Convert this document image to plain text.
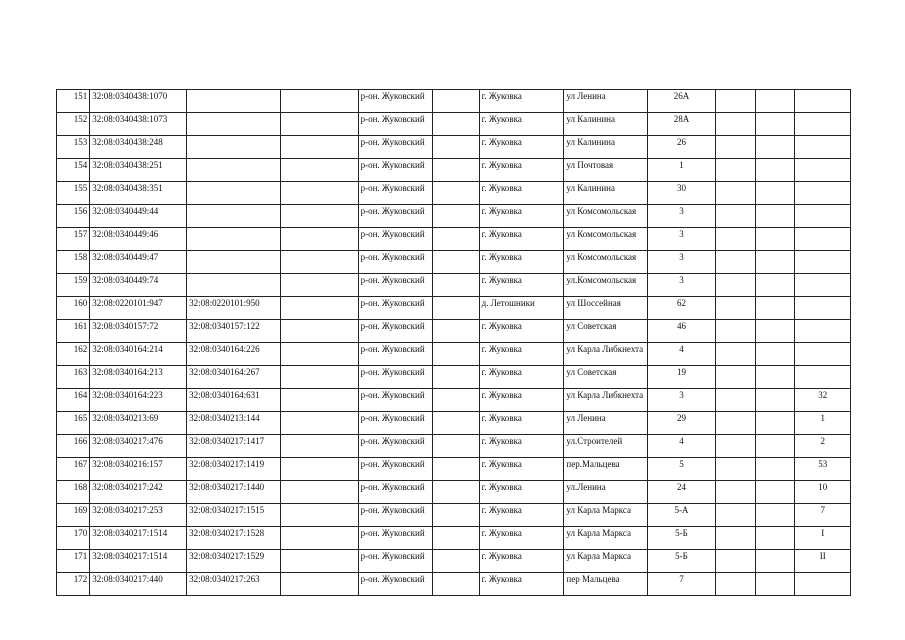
151	32:08:0340438:1070			р-он. Жуковский		г. Жуковка	ул Ленина	26А			
152	32:08:0340438:1073			р-он. Жуковский		г. Жуковка	ул Калинина	28А			
153	32:08:0340438:248			р-он. Жуковский		г. Жуковка	ул Калинина	26			
154	32:08:0340438:251			р-он. Жуковский		г. Жуковка	ул Почтовая	1			
155	32:08:0340438:351			р-он. Жуковский		г. Жуковка	ул Калинина	30			
156	32:08:0340449:44			р-он. Жуковский		г. Жуковка	ул Комсомольская	3			
157	32:08:0340449:46			р-он. Жуковский		г. Жуковка	ул Комсомольская	3			
158	32:08:0340449:47			р-он. Жуковский		г. Жуковка	ул Комсомольская	3			
159	32:08:0340449:74			р-он. Жуковский		г. Жуковка	ул.Комсомольская	3			
160	32:08:0220101:947	32:08:0220101:950		р-он. Жуковский		д. Летошники	ул Шоссейная	62			
161	32:08:0340157:72	32:08:0340157:122		р-он. Жуковский		г. Жуковка	ул Советская	46			
162	32:08:0340164:214	32:08:0340164:226		р-он. Жуковский		г. Жуковка	ул Карла Либкнехта	4			
163	32:08:0340164:213	32:08:0340164:267		р-он. Жуковский		г. Жуковка	ул Советская	19			
164	32:08:0340164:223	32:08:0340164:631		р-он. Жуковский		г. Жуковка	ул Карла Либкнехта	3			32
165	32:08:0340213:69	32:08:0340213:144		р-он. Жуковский		г. Жуковка	ул Ленина	29			1
166	32:08:0340217:476	32:08:0340217:1417		р-он. Жуковский		г. Жуковка	ул.Строителей	4			2
167	32:08:0340216:157	32:08:0340217:1419		р-он. Жуковский		г. Жуковка	пер.Мальцева	5			53
168	32:08:0340217:242	32:08:0340217:1440		р-он. Жуковский		г. Жуковка	ул.Ленина	24			10
169	32:08:0340217:253	32:08:0340217:1515		р-он. Жуковский		г. Жуковка	ул Карла Маркса	5-А			7
170	32:08:0340217:1514	32:08:0340217:1528		р-он. Жуковский		г. Жуковка	ул Карла Маркса	5-Б			I
171	32:08:0340217:1514	32:08:0340217:1529		р-он. Жуковский		г. Жуковка	ул Карла Маркса	5-Б			II
172	32:08:0340217:440	32:08:0340217:263		р-он. Жуковский		г. Жуковка	пер Мальцева	7			
